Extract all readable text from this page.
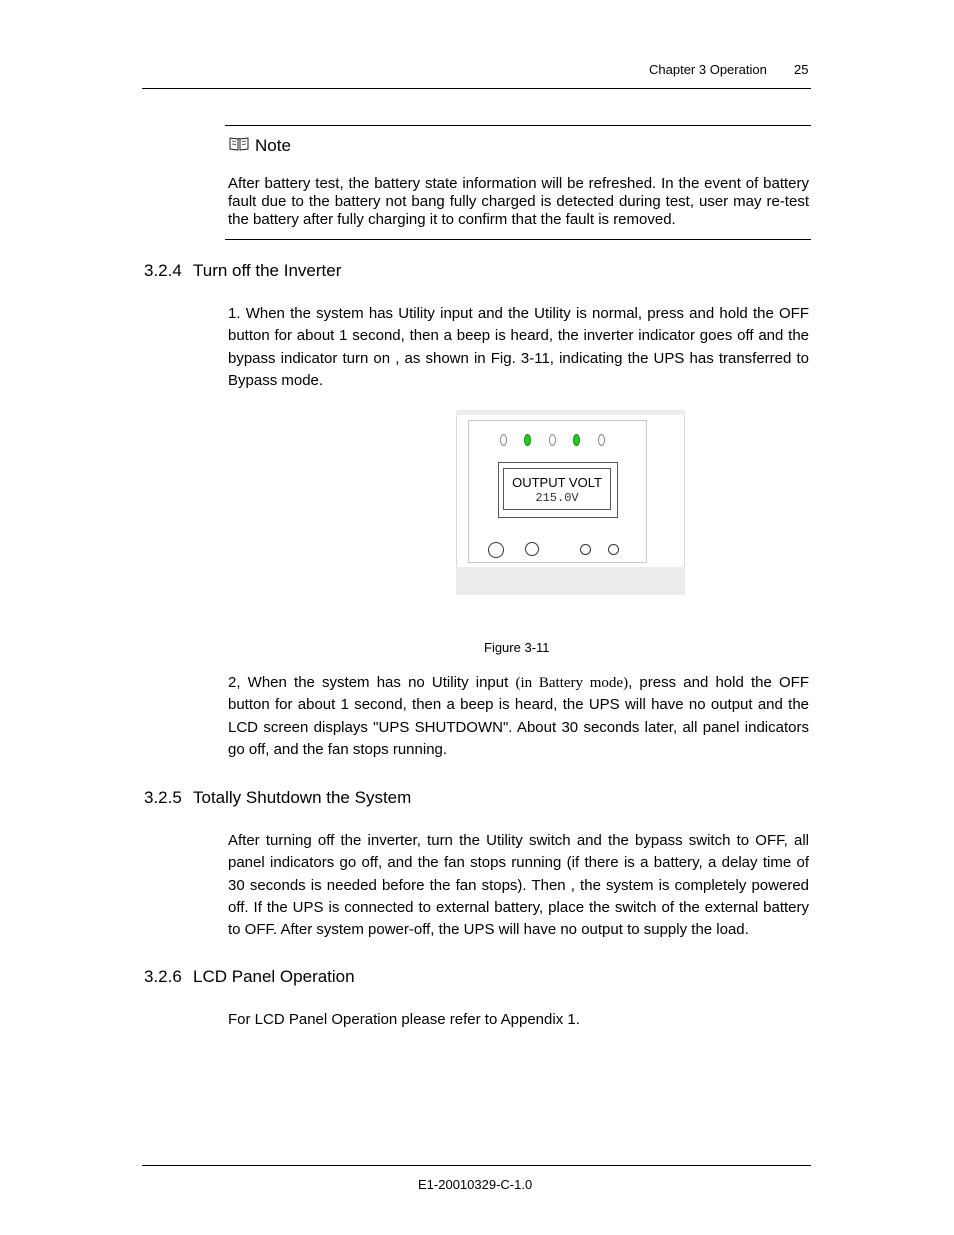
Chapter 3 Operation 25
Note

After battery test, the battery state information will be refreshed. In the event of battery fault due to the battery not bang fully charged is detected during test, user may re-test the battery after fully charging it to confirm that the fault is removed.

3.2.4 Turn off the Inverter

1. When the system has Utility input and the Utility is normal, press and hold the OFF button for about 1 second, then a beep is heard, the inverter indicator goes off and the bypass indicator turn on , as shown in Fig. 3-11, indicating the UPS has transferred to Bypass mode.

OUTPUT VOLT
215.0V
Figure 3-11

2, When the system has no Utility input (in Battery mode), press and hold the OFF button for about 1 second, then a beep is heard, the UPS will have no output and the LCD screen displays "UPS SHUTDOWN". About 30 seconds later, all panel indicators go off, and the fan stops running.

3.2.5 Totally Shutdown the System

After turning off the inverter, turn the Utility switch and the bypass switch to OFF, all panel indicators go off, and the fan stops running (if there is a battery, a delay time of 30 seconds is needed before the fan stops). Then , the system is completely powered off. If the UPS is connected to external battery, place the switch of the external battery to OFF. After system power-off, the UPS will have no output to supply the load.

3.2.6 LCD Panel Operation

For LCD Panel Operation please refer to Appendix 1.

E1-20010329-C-1.0
